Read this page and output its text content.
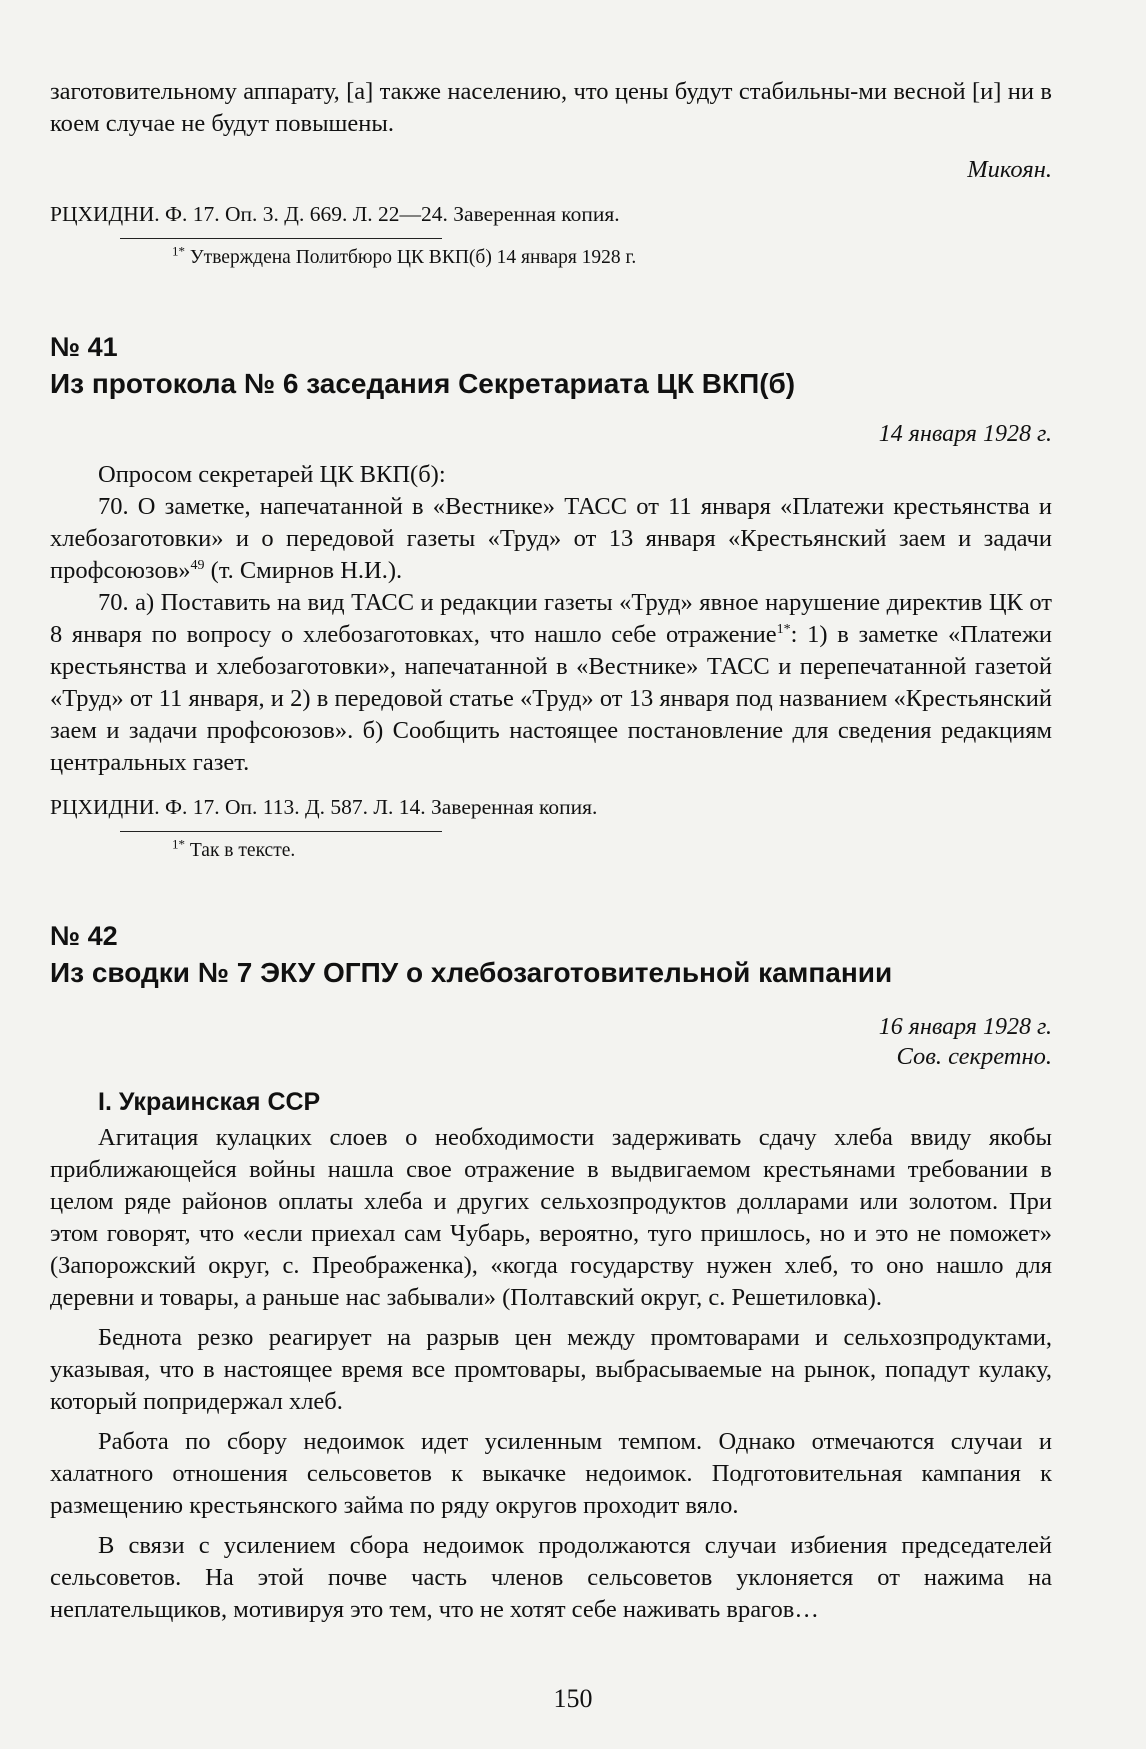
заготовительному аппарату, [а] также населению, что цены будут стабильны-ми весной [и] ни в коем случае не будут повышены.

Микоян.

РЦХИДНИ. Ф. 17. Оп. 3. Д. 669. Л. 22—24. Заверенная копия.

$^{1*}$ Утверждена Политбюро ЦК ВКП(б) 14 января 1928 г.

№ 41

Из протокола № 6 заседания Секретариата ЦК ВКП(б)

14 января 1928 г.

Опросом секретарей ЦК ВКП(б):

70. О заметке, напечатанной в «Вестнике» ТАСС от 11 января «Платежи крестьянства и хлебозаготовки» и о передовой газеты «Труд» от 13 января «Крестьянский заем и задачи профсоюзов»$^{49}$ (т. Смирнов Н.И.).

70. а) Поставить на вид ТАСС и редакции газеты «Труд» явное нарушение директив ЦК от 8 января по вопросу о хлебозаготовках, что нашло себе отражение$^{1*}$: 1) в заметке «Платежи крестьянства и хлебозаготовки», напечатанной в «Вестнике» ТАСС и перепечатанной газетой «Труд» от 11 января, и 2) в передовой статье «Труд» от 13 января под названием «Крестьянский заем и задачи профсоюзов». б) Сообщить настоящее постановление для сведения редакциям центральных газет.

РЦХИДНИ. Ф. 17. Оп. 113. Д. 587. Л. 14. Заверенная копия.

$^{1*}$ Так в тексте.

№ 42

Из сводки № 7 ЭКУ ОГПУ о хлебозаготовительной кампании

16 января 1928 г.

Сов. секретно.

I. Украинская ССР

Агитация кулацких слоев о необходимости задерживать сдачу хлеба ввиду якобы приближающейся войны нашла свое отражение в выдвигаемом крестьянами требовании в целом ряде районов оплаты хлеба и других сельхозпродуктов долларами или золотом. При этом говорят, что «если приехал сам Чубарь, вероятно, туго пришлось, но и это не поможет» (Запорожский округ, с. Преображенка), «когда государству нужен хлеб, то оно нашло для деревни и товары, а раньше нас забывали» (Полтавский округ, с. Решетиловка).

Беднота резко реагирует на разрыв цен между промтоварами и сельхозпродуктами, указывая, что в настоящее время все промтовары, выбрасываемые на рынок, попадут кулаку, который попридержал хлеб.

Работа по сбору недоимок идет усиленным темпом. Однако отмечаются случаи и халатного отношения сельсоветов к выкачке недоимок. Подготовительная кампания к размещению крестьянского займа по ряду округов проходит вяло.

В связи с усилением сбора недоимок продолжаются случаи избиения председателей сельсоветов. На этой почве часть членов сельсоветов уклоняется от нажима на неплательщиков, мотивируя это тем, что не хотят себе наживать врагов…

150
